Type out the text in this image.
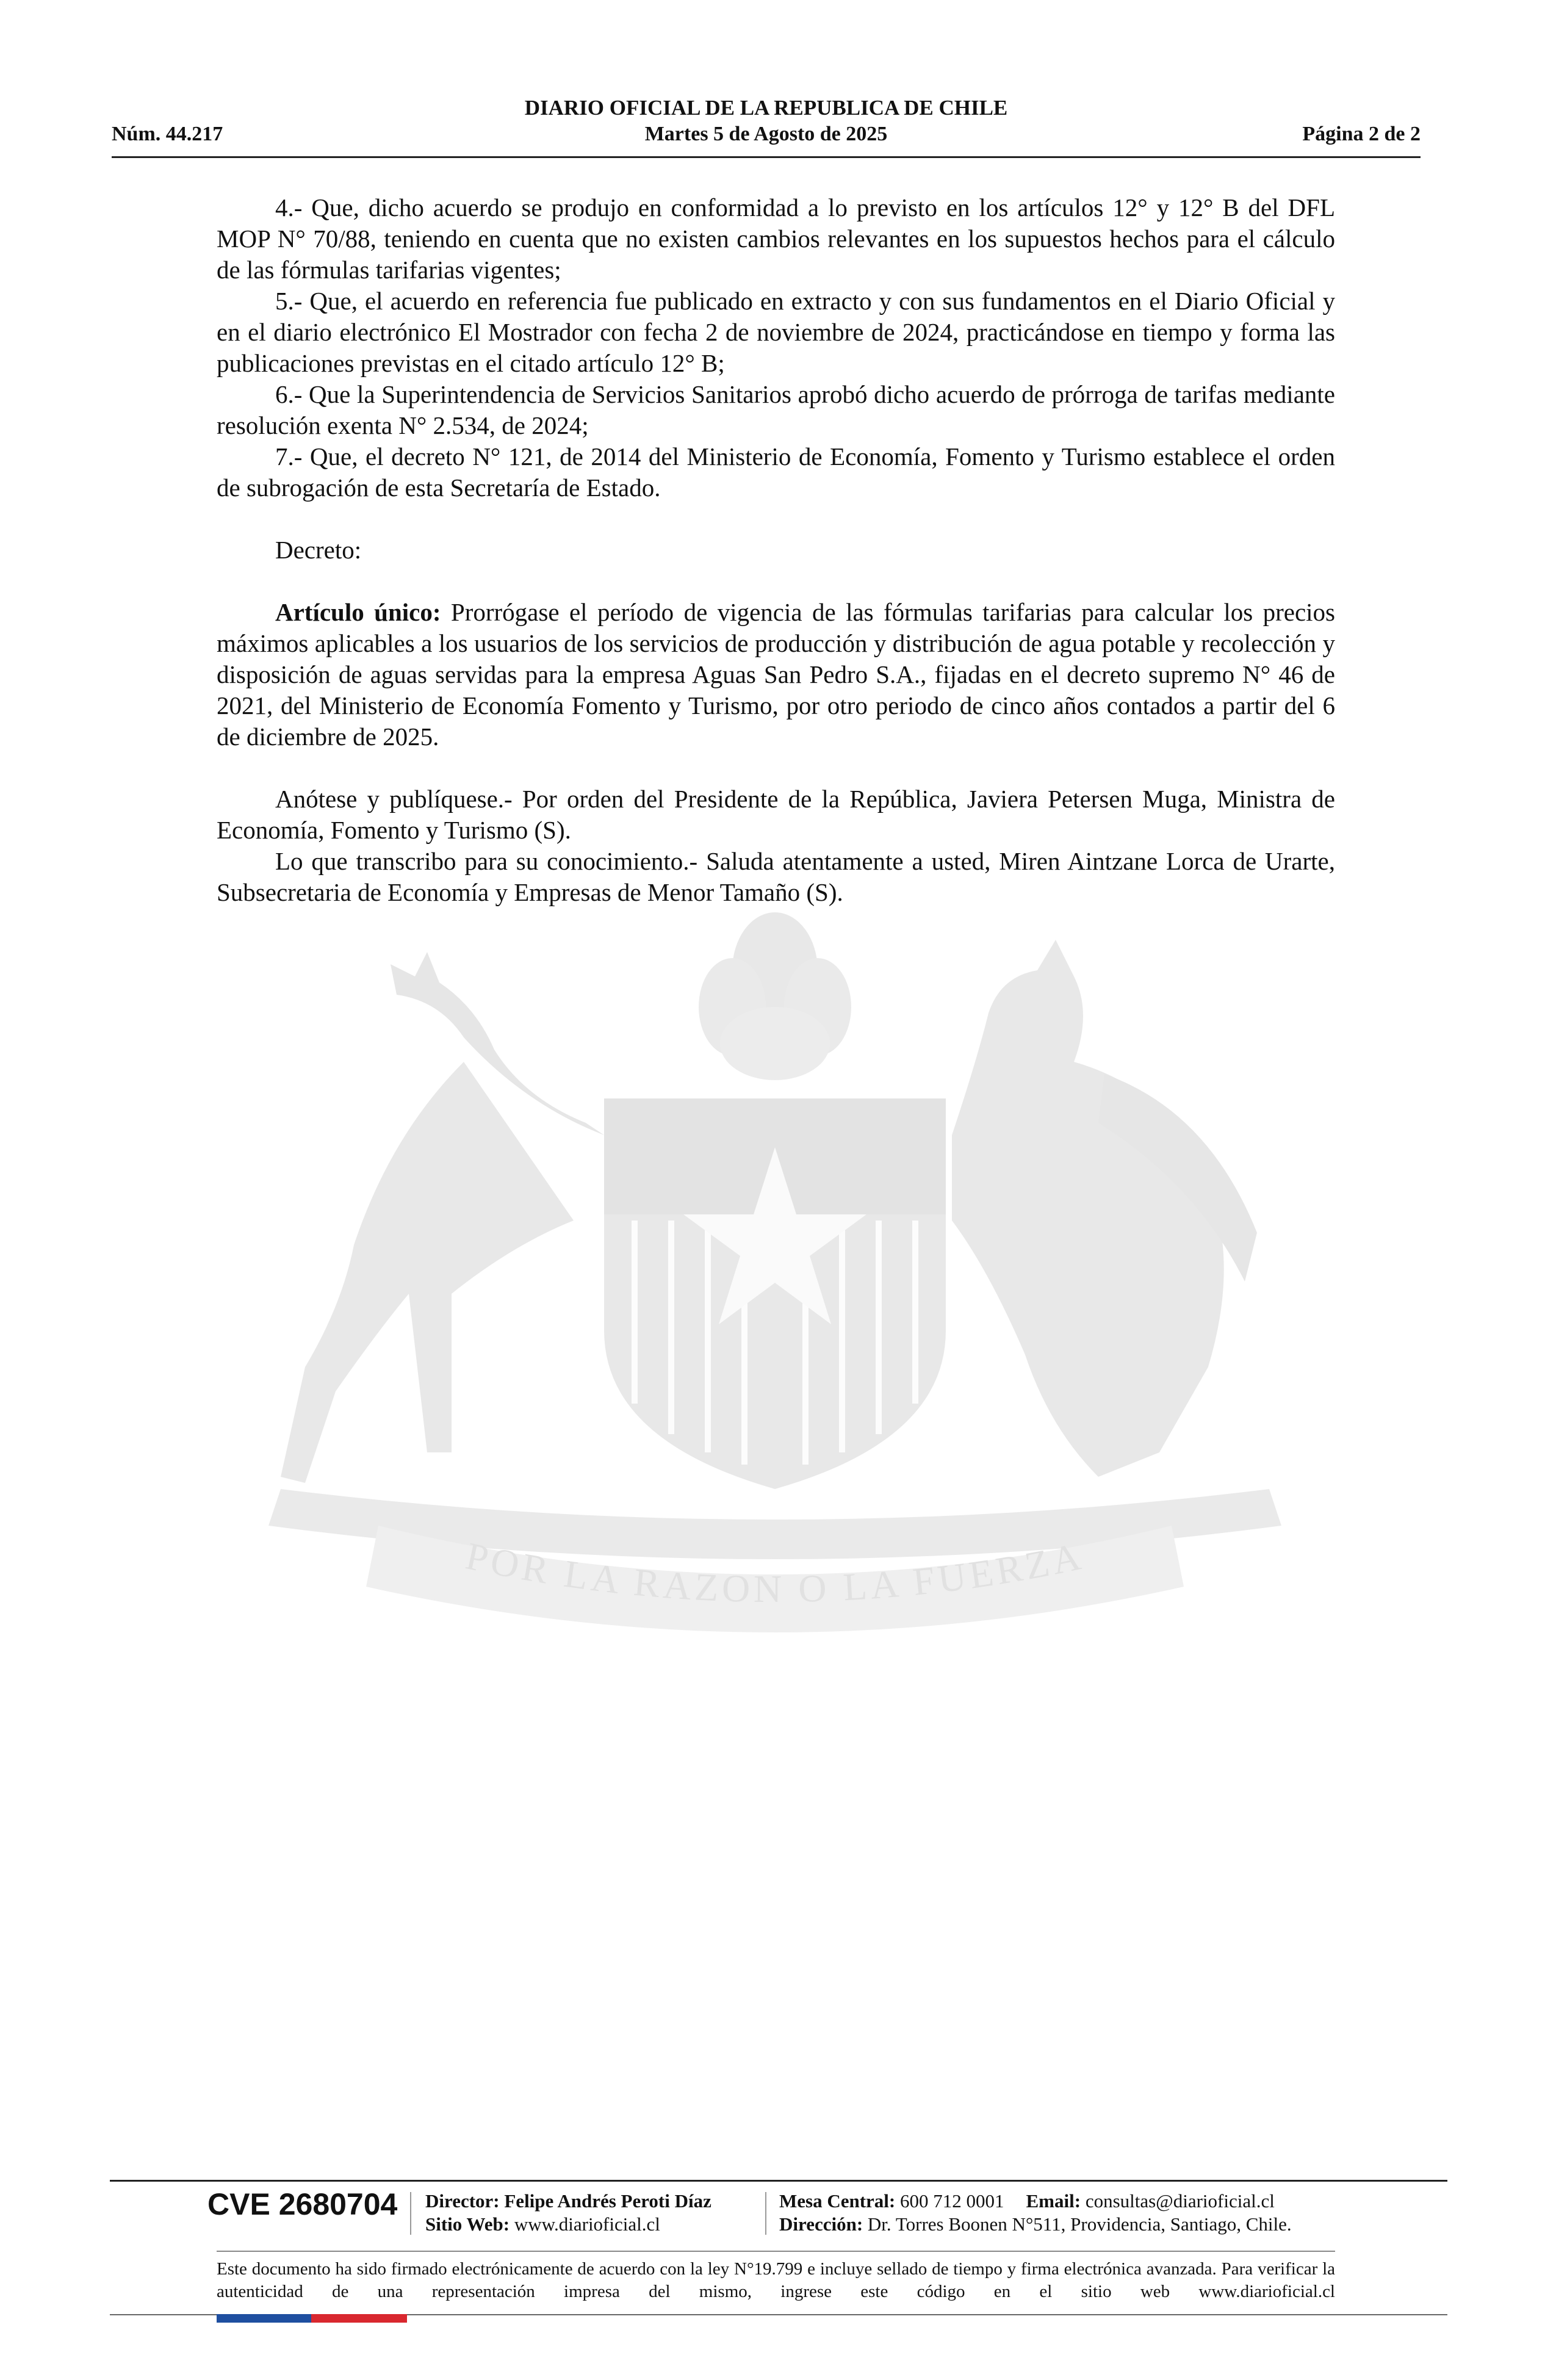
DIARIO OFICIAL DE LA REPUBLICA DE CHILE
Núm. 44.217	Martes 5 de Agosto de 2025	Página 2 de 2
POR LA RAZON O LA FUERZA

4.- Que, dicho acuerdo se produjo en conformidad a lo previsto en los artículos 12° y 12° B del DFL MOP N° 70/88, teniendo en cuenta que no existen cambios relevantes en los supuestos hechos para el cálculo de las fórmulas tarifarias vigentes;

5.- Que, el acuerdo en referencia fue publicado en extracto y con sus fundamentos en el Diario Oficial y en el diario electrónico El Mostrador con fecha 2 de noviembre de 2024, practicándose en tiempo y forma las publicaciones previstas en el citado artículo 12° B;

6.- Que la Superintendencia de Servicios Sanitarios aprobó dicho acuerdo de prórroga de tarifas mediante resolución exenta N° 2.534, de 2024;

7.- Que, el decreto N° 121, de 2014 del Ministerio de Economía, Fomento y Turismo establece el orden de subrogación de esta Secretaría de Estado.

Decreto:

Artículo único: Prorrógase el período de vigencia de las fórmulas tarifarias para calcular los precios máximos aplicables a los usuarios de los servicios de producción y distribución de agua potable y recolección y disposición de aguas servidas para la empresa Aguas San Pedro S.A., fijadas en el decreto supremo N° 46 de 2021, del Ministerio de Economía Fomento y Turismo, por otro periodo de cinco años contados a partir del 6 de diciembre de 2025.

Anótese y publíquese.- Por orden del Presidente de la República, Javiera Petersen Muga, Ministra de Economía, Fomento y Turismo (S).

Lo que transcribo para su conocimiento.- Saluda atentamente a usted, Miren Aintzane Lorca de Urarte, Subsecretaria de Economía y Empresas de Menor Tamaño (S).

CVE 2680704 Director: Felipe Andrés Peroti Díaz
Sitio Web: www.diarioficial.cl
Mesa Central: 600 712 0001 Email: consultas@diarioficial.cl
Dirección: Dr. Torres Boonen N°511, Providencia, Santiago, Chile.
Este documento ha sido firmado electrónicamente de acuerdo con la ley N°19.799 e incluye sellado de tiempo y firma electrónica avanzada. Para verificar la autenticidad de una representación impresa del mismo, ingrese este código en el sitio web www.diarioficial.cl
